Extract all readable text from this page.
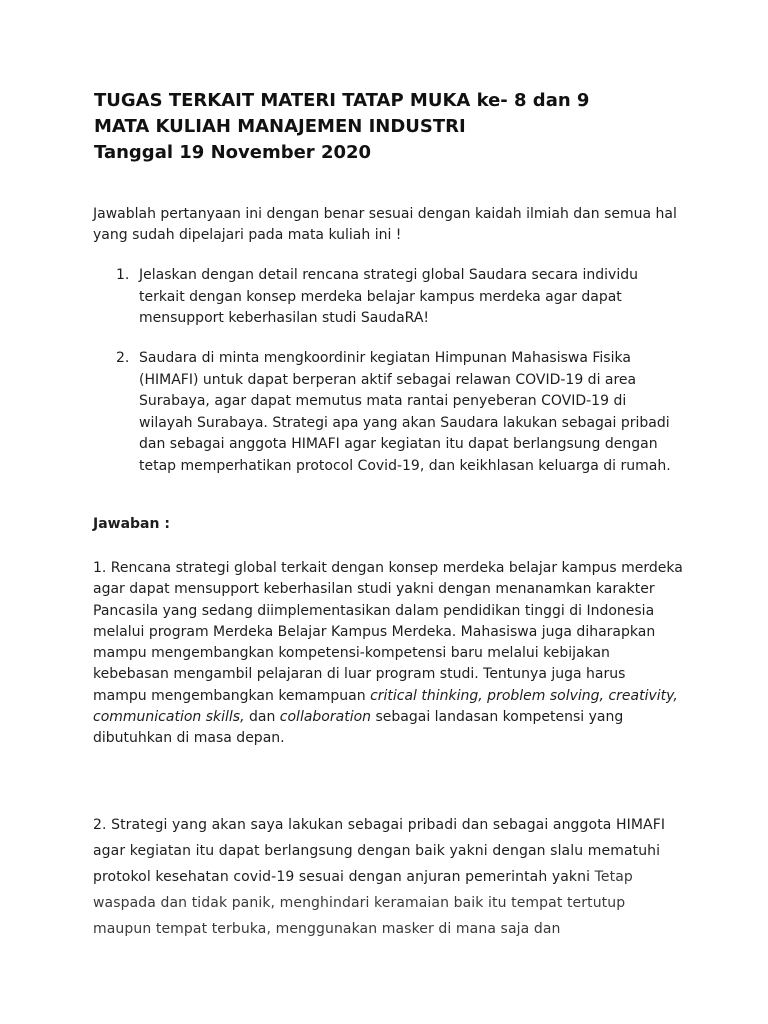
TUGAS TERKAIT MATERI TATAP MUKA ke- 8 dan 9
MATA KULIAH MANAJEMEN INDUSTRI
Tanggal 19 November 2020
Jawablah pertanyaan ini dengan benar sesuai dengan kaidah ilmiah dan semua hal yang sudah dipelajari pada mata kuliah ini !
1. Jelaskan dengan detail rencana strategi global Saudara secara individu terkait dengan konsep merdeka belajar kampus merdeka agar dapat mensupport keberhasilan studi SaudaRA!
2. Saudara di minta mengkoordinir kegiatan Himpunan Mahasiswa Fisika (HIMAFI) untuk dapat berperan aktif sebagai relawan COVID-19 di area Surabaya, agar dapat memutus mata rantai penyeberan COVID-19 di wilayah Surabaya. Strategi apa yang akan Saudara lakukan sebagai pribadi dan sebagai anggota HIMAFI agar kegiatan itu dapat berlangsung dengan tetap memperhatikan protocol Covid-19, dan keikhlasan keluarga di rumah.
Jawaban :
1. Rencana strategi global terkait dengan konsep merdeka belajar kampus merdeka agar dapat mensupport keberhasilan studi yakni dengan menanamkan karakter Pancasila yang sedang diimplementasikan dalam pendidikan tinggi di Indonesia melalui program Merdeka Belajar Kampus Merdeka. Mahasiswa juga diharapkan mampu mengembangkan kompetensi-kompetensi baru melalui kebijakan kebebasan mengambil pelajaran di luar program studi. Tentunya juga harus mampu mengembangkan kemampuan critical thinking, problem solving, creativity, communication skills, dan collaboration sebagai landasan kompetensi yang dibutuhkan di masa depan.
2. Strategi yang akan saya lakukan sebagai pribadi dan sebagai anggota HIMAFI agar kegiatan itu dapat berlangsung dengan baik yakni dengan slalu mematuhi protokol kesehatan covid-19 sesuai dengan anjuran pemerintah yakni Tetap waspada dan tidak panik, menghindari keramaian baik itu tempat tertutup maupun tempat terbuka, menggunakan masker di mana saja dan
